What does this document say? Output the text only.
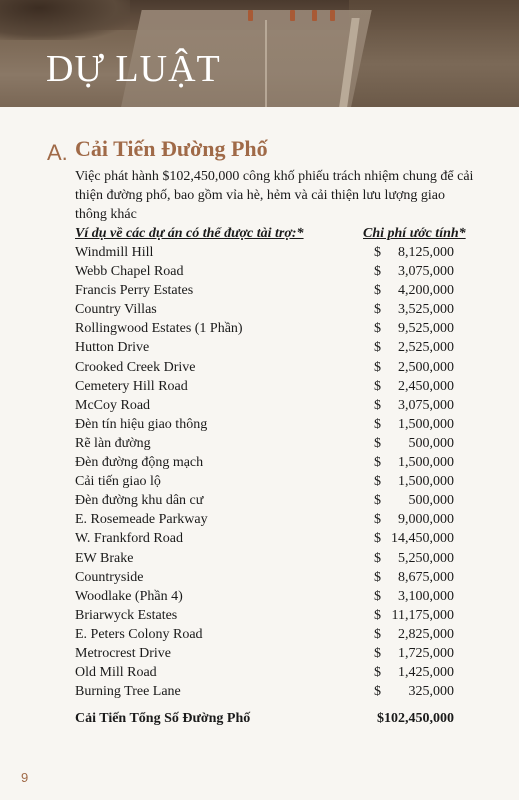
DỰ LUẬT
A. Cải Tiến Đường Phố
Việc phát hành $102,450,000 công khố phiếu trách nhiệm chung để cải thiện đường phố, bao gồm vỉa hè, hẻm và cải thiện lưu lượng giao thông khác
Ví dụ về các dự án có thể được tài trợ:*	Chi phí ước tính*
Windmill Hill	$ 8,125,000
Webb Chapel Road	$ 3,075,000
Francis Perry Estates	$ 4,200,000
Country Villas	$ 3,525,000
Rollingwood Estates (1 Phần)	$ 9,525,000
Hutton Drive	$ 2,525,000
Crooked Creek Drive	$ 2,500,000
Cemetery Hill Road	$ 2,450,000
McCoy Road	$ 3,075,000
Đèn tín hiệu giao thông	$ 1,500,000
Rẽ làn đường	$ 500,000
Đèn đường động mạch	$ 1,500,000
Cải tiến giao lộ	$ 1,500,000
Đèn đường khu dân cư	$ 500,000
E. Rosemeade Parkway	$ 9,000,000
W. Frankford Road	$ 14,450,000
EW Brake	$ 5,250,000
Countryside	$ 8,675,000
Woodlake (Phần 4)	$ 3,100,000
Briarwyck Estates	$ 11,175,000
E. Peters Colony Road	$ 2,825,000
Metrocrest Drive	$ 1,725,000
Old Mill Road	$ 1,425,000
Burning Tree Lane	$ 325,000
Cải Tiến Tổng Số Đường Phố	$102,450,000
9
